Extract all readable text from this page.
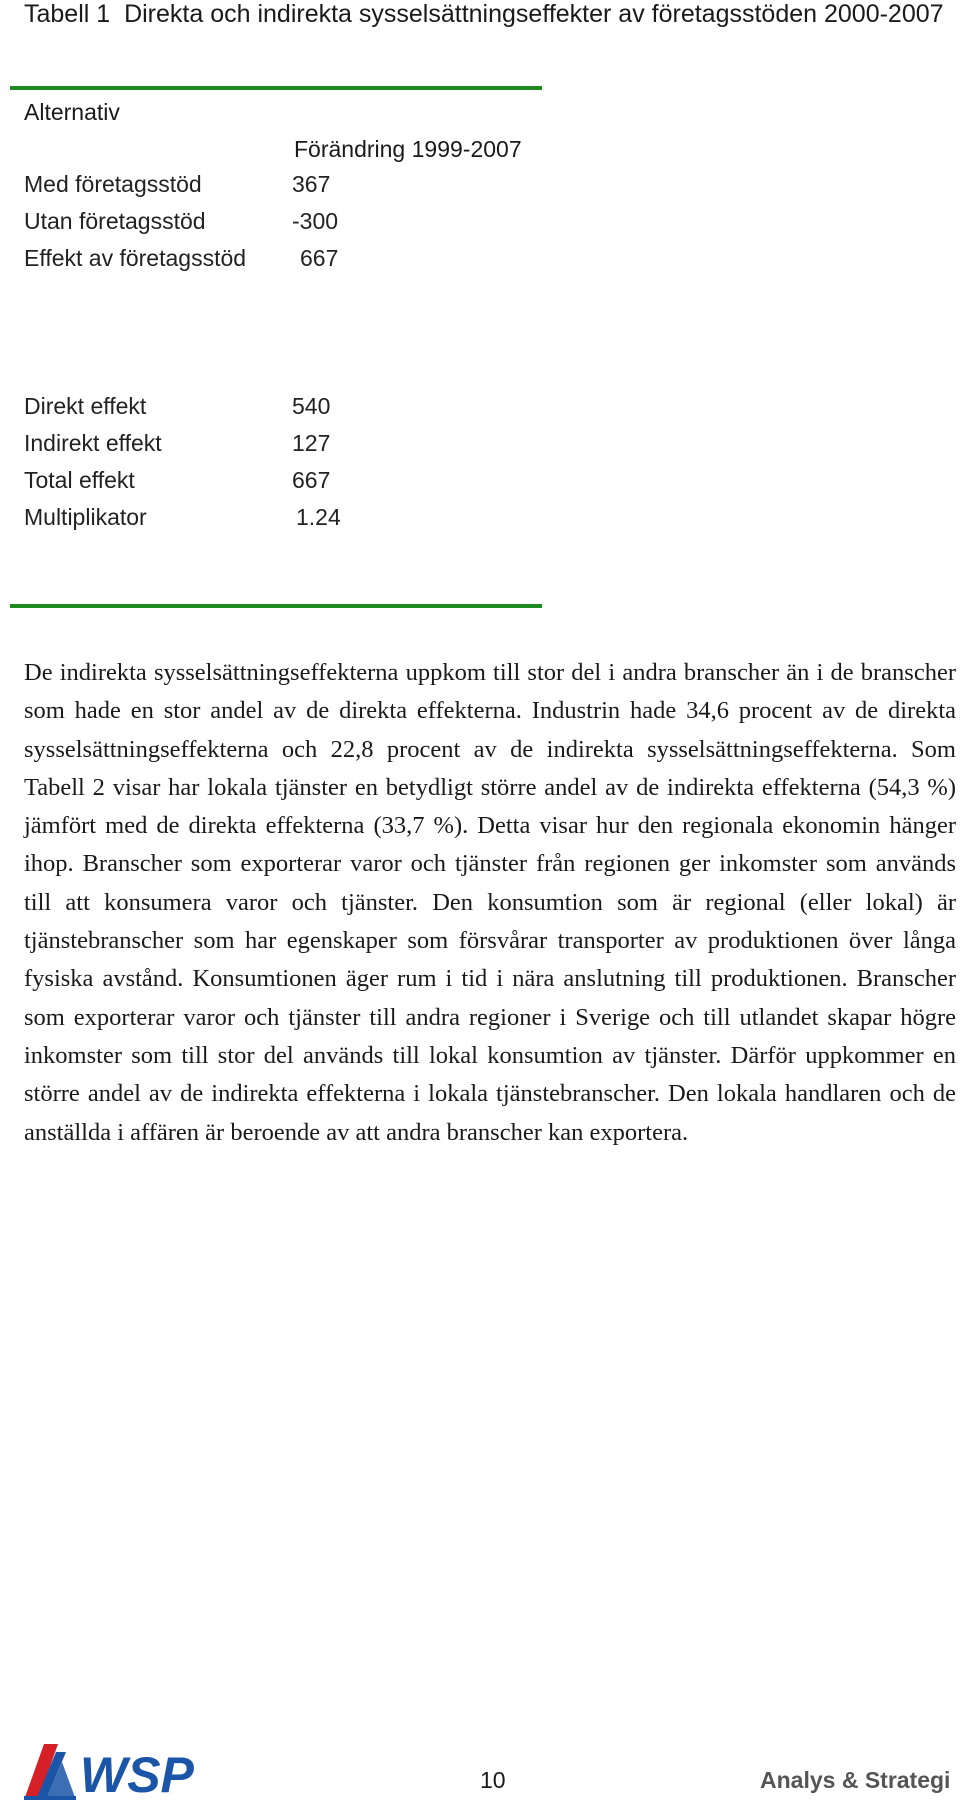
Tabell 1 Direkta och indirekta sysselsättningseffekter av företagsstöden 2000-2007
Alternativ
Förändring 1999-2007
Med företagsstöd	367
Utan företagsstöd	-300
Effekt av företagsstöd 667
Direkt effekt	540
Indirekt effekt	127
Total effekt	667
Multiplikator	1.24
De indirekta sysselsättningseffekterna uppkom till stor del i andra branscher än i de branscher som hade en stor andel av de direkta effekterna. Industrin hade 34,6 procent av de direkta sysselsättningseffekterna och 22,8 procent av de indirekta sysselsättningseffekterna. Som Tabell 2 visar har lokala tjänster en betydligt större andel av de indirekta effekterna (54,3 %) jämfört med de direkta effekterna (33,7 %). Detta visar hur den regionala ekonomin hänger ihop. Branscher som exporterar varor och tjänster från regionen ger inkomster som används till att konsumera varor och tjänster. Den konsumtion som är regional (eller lokal) är tjänstebranscher som har egenskaper som försvårar transporter av produktionen över långa fysiska avstånd. Konsumtionen äger rum i tid i nära anslutning till produktionen. Branscher som exporterar varor och tjänster till andra regioner i Sverige och till utlandet skapar högre inkomster som till stor del används till lokal konsumtion av tjänster. Därför uppkommer en större andel av de indirekta effekterna i lokala tjänstebranscher. Den lokala handlaren och de anställda i affären är beroende av att andra branscher kan exportera.
WSP	10	Analys & Strategi
